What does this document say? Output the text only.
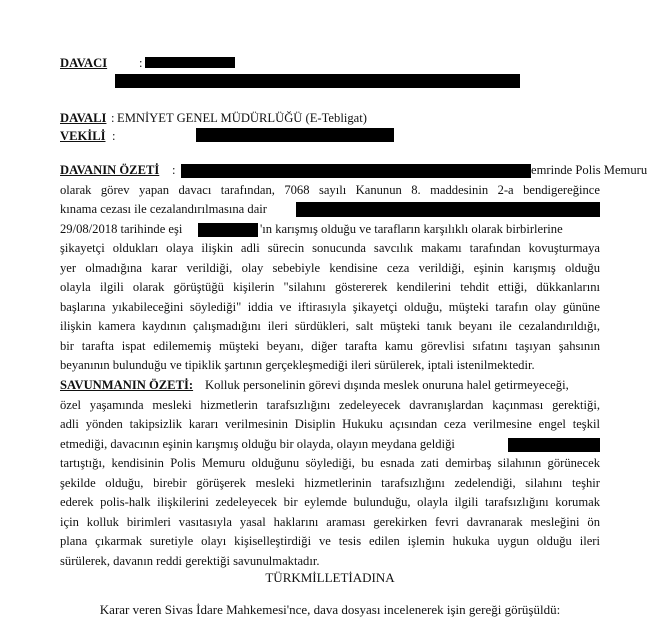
DAVACI	:
DAVALI : EMNİYET GENEL MÜDÜRLÜĞÜ (E-Tebligat)
VEKİLİ :
DAVANIN ÖZETİ :	emrinde Polis Memuru
olarak görev yapan davacı tarafından, 7068 sayılı Kanunun 8. maddesinin 2-a bendigereğince
kınama cezası ile cezalandırılmasına dair
29/08/2018 tarihinde eşi	'ın karışmış olduğu ve tarafların karşılıklı olarak birbirlerine
şikayetçi oldukları olaya ilişkin adli sürecin sonucunda savcılık makamı tarafından kovuşturmaya
yer olmadığına karar verildiği, olay sebebiyle kendisine ceza verildiği, eşinin karışmış olduğu
olayla ilgili olarak görüştüğü kişilerin "silahını göstererek kendilerini tehdit ettiği, dükkanlarını
başlarına yıkabileceğini söylediği" iddia ve iftirasıyla şikayetçi olduğu, müşteki tarafın olay gününe
ilişkin kamera kaydının çalışmadığını ileri sürdükleri, salt müşteki tanık beyanı ile cezalandırıldığı,
bir tarafta ispat edilememiş müşteki beyanı, diğer tarafta kamu görevlisi sıfatını taşıyan şahsının
beyanının bulunduğu ve tipiklik şartının gerçekleşmediği ileri sürülerek, iptali istenilmektedir.
SAVUNMANIN ÖZETİ: Kolluk personelinin görevi dışında meslek onuruna halel getirmeyeceği,
özel yaşamında mesleki hizmetlerin tarafsızlığını zedeleyecek davranışlardan kaçınması gerektiği,
adli yönden takipsizlik kararı verilmesinin Disiplin Hukuku açısından ceza verilmesine engel teşkil
etmediği, davacının eşinin karışmış olduğu bir olayda, olayın meydana geldiği
tartıştığı, kendisinin Polis Memuru olduğunu söylediği, bu esnada zati demirbaş silahının görünecek
şekilde olduğu, birebir görüşerek mesleki hizmetlerinin tarafsızlığını zedelendiği, silahını teşhir
ederek polis-halk ilişkilerini zedeleyecek bir eylemde bulunduğu, olayla ilgili tarafsızlığını korumak
için kolluk birimleri vasıtasıyla yasal haklarını araması gerekirken fevri davranarak mesleğini ön
plana çıkarmak suretiyle olayı kişiselleştirdiği ve tesis edilen işlemin hukuka uygun olduğu ileri
sürülerek, davanın reddi gerektiği savunulmaktadır.
TÜRKMİLLETİADINA
Karar veren Sivas İdare Mahkemesi'nce, dava dosyası incelenerek işin gereği görüşüldü:
